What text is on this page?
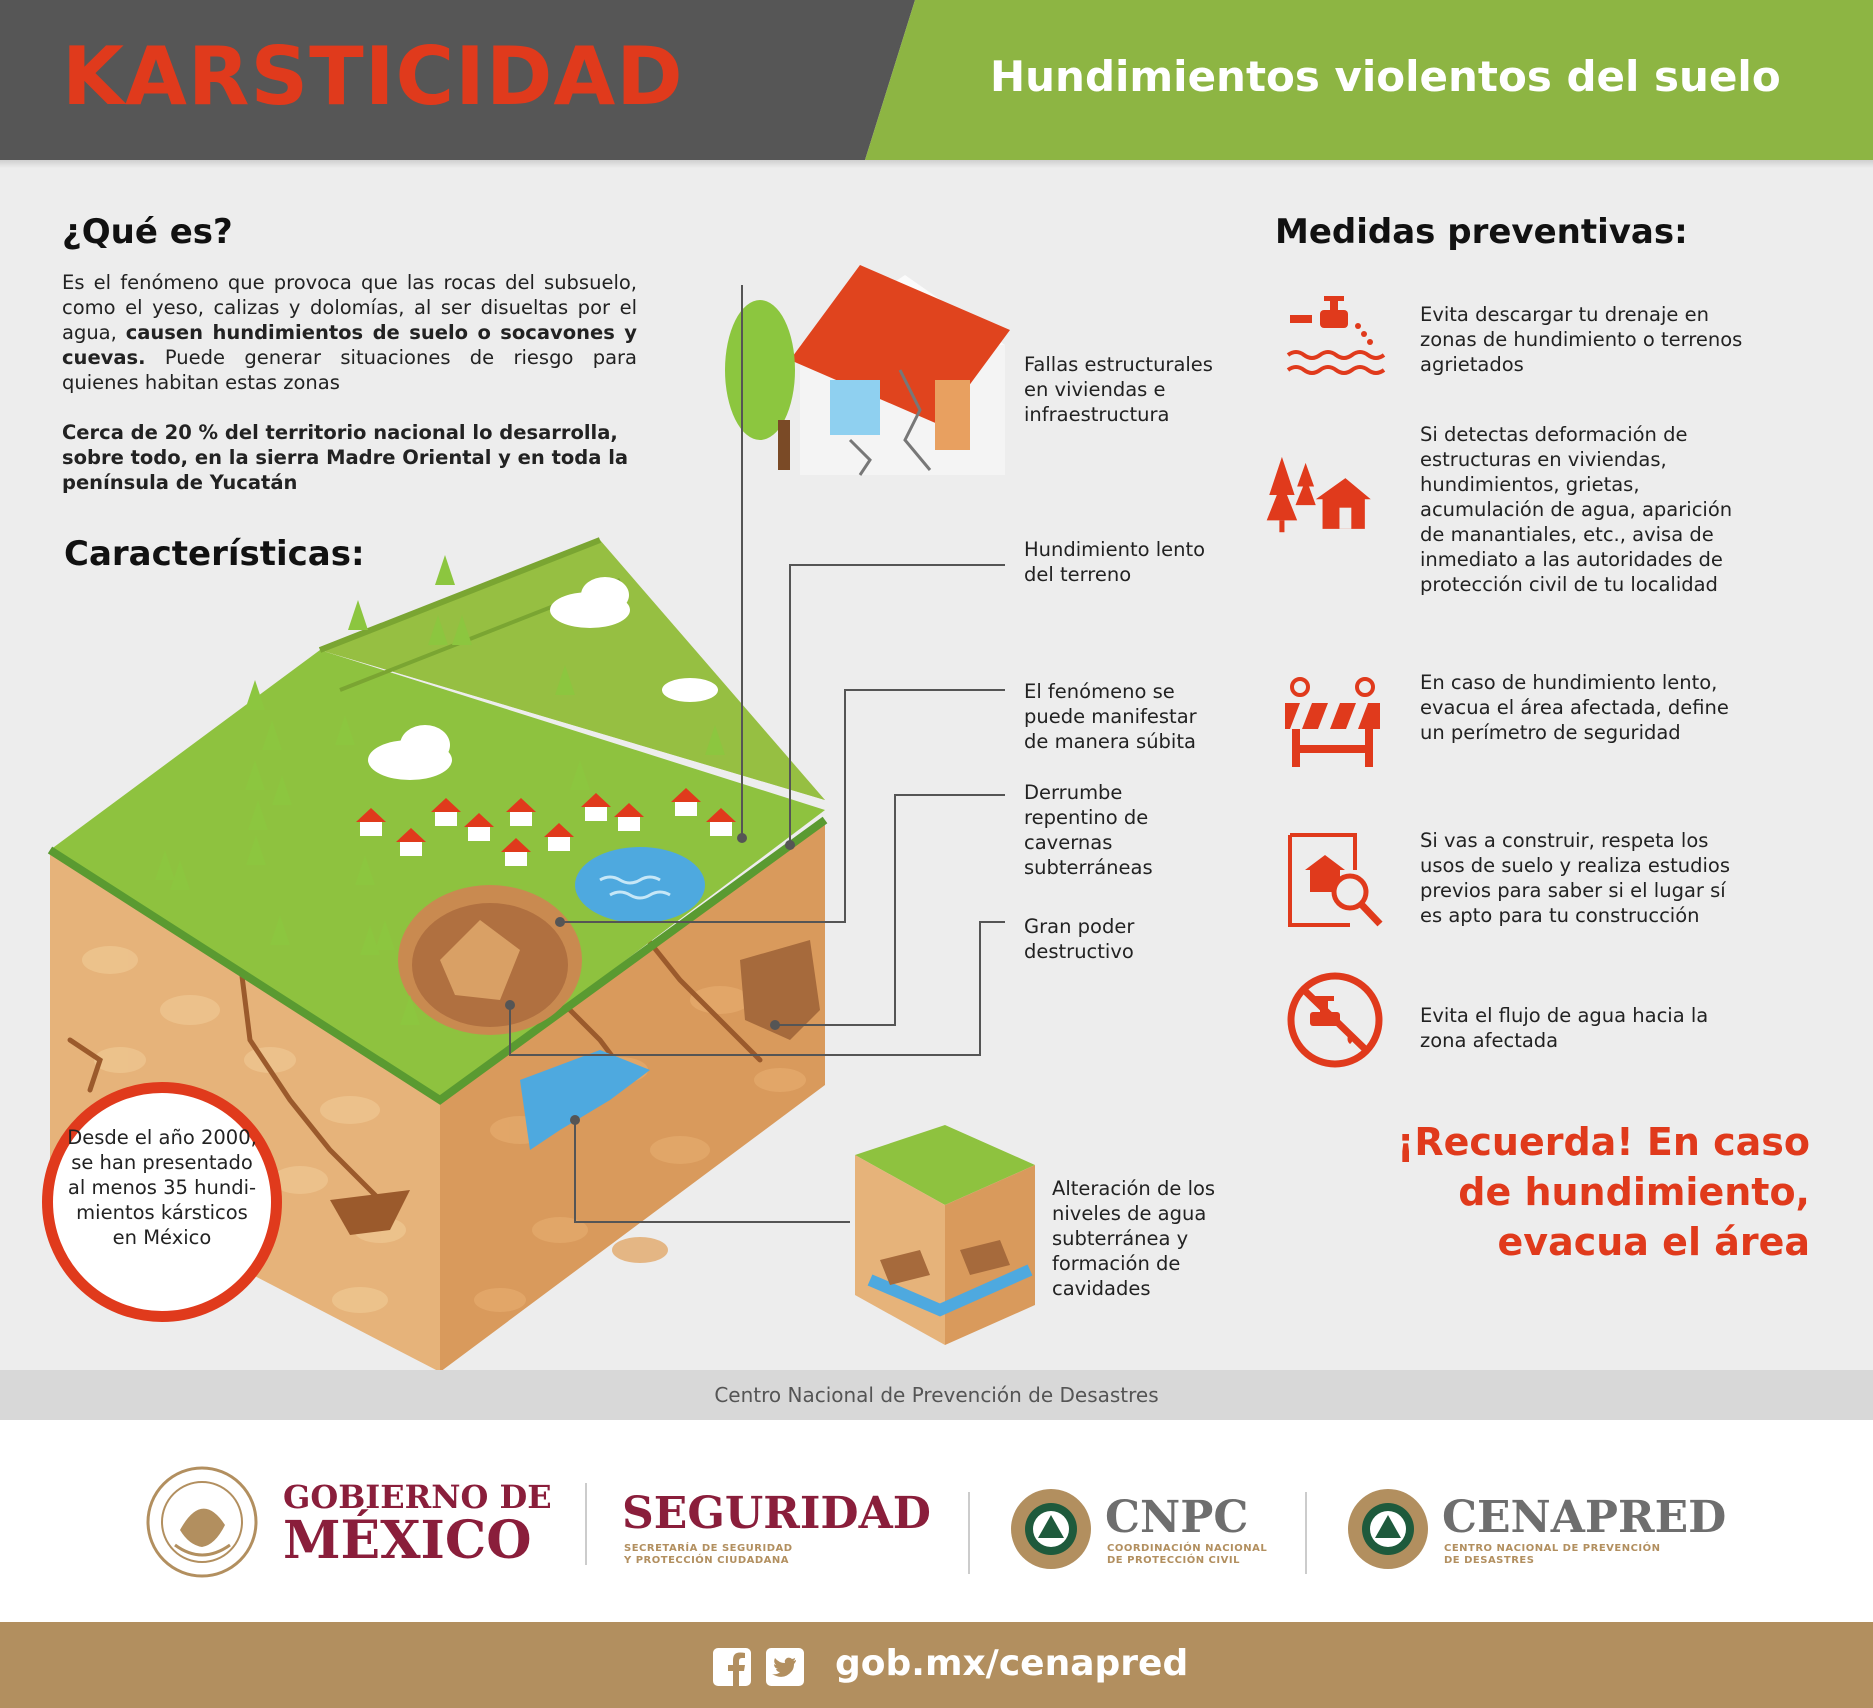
KARSTICIDAD	Hundimientos violentos del suelo
¿Qué es?
Es el fenómeno que provoca que las rocas del subsuelo, como el yeso, calizas y dolomías, al ser disueltas por el agua, causen hundimientos de suelo o socavones y cuevas. Puede generar situaciones de riesgo para quienes habitan estas zonas
Cerca de 20 % del territorio nacional lo desarrolla, sobre todo, en la sierra Madre Oriental y en toda la península de Yucatán
Características:
Fallas estructurales en viviendas e infraestructura
Hundimiento lento del terreno
El fenómeno se puede manifestar de manera súbita
Derrumbe repentino de cavernas subterráneas
Gran poder destructivo
Alteración de los niveles de agua subterránea y formación de cavidades
Desde el año 2000, se han presentado al menos 35 hundi- mientos kársticos en México
Medidas preventivas:
Evita descargar tu drenaje en zonas de hundimiento o terrenos agrietados
Si detectas deformación de estructuras en viviendas, hundimientos, grietas, acumulación de agua, aparición de manantiales, etc., avisa de inmediato a las autoridades de protección civil de tu localidad
En caso de hundimiento lento, evacua el área afectada, define un perímetro de seguridad
Si vas a construir, respeta los usos de suelo y realiza estudios previos para saber si el lugar sí es apto para tu construcción
Evita el flujo de agua hacia la zona afectada
¡Recuerda! En caso de hundimiento, evacua el área
Centro Nacional de Prevención de Desastres
GOBIERNO DE
MÉXICO SEGURIDAD
SECRETARÍA DE SEGURIDAD
Y PROTECCIÓN CIUDADANA
CNPC
COORDINACIÓN NACIONAL
DE PROTECCIÓN CIVIL
CENAPRED
CENTRO NACIONAL DE PREVENCIÓN
DE DESASTRES
gob.mx/cenapred
